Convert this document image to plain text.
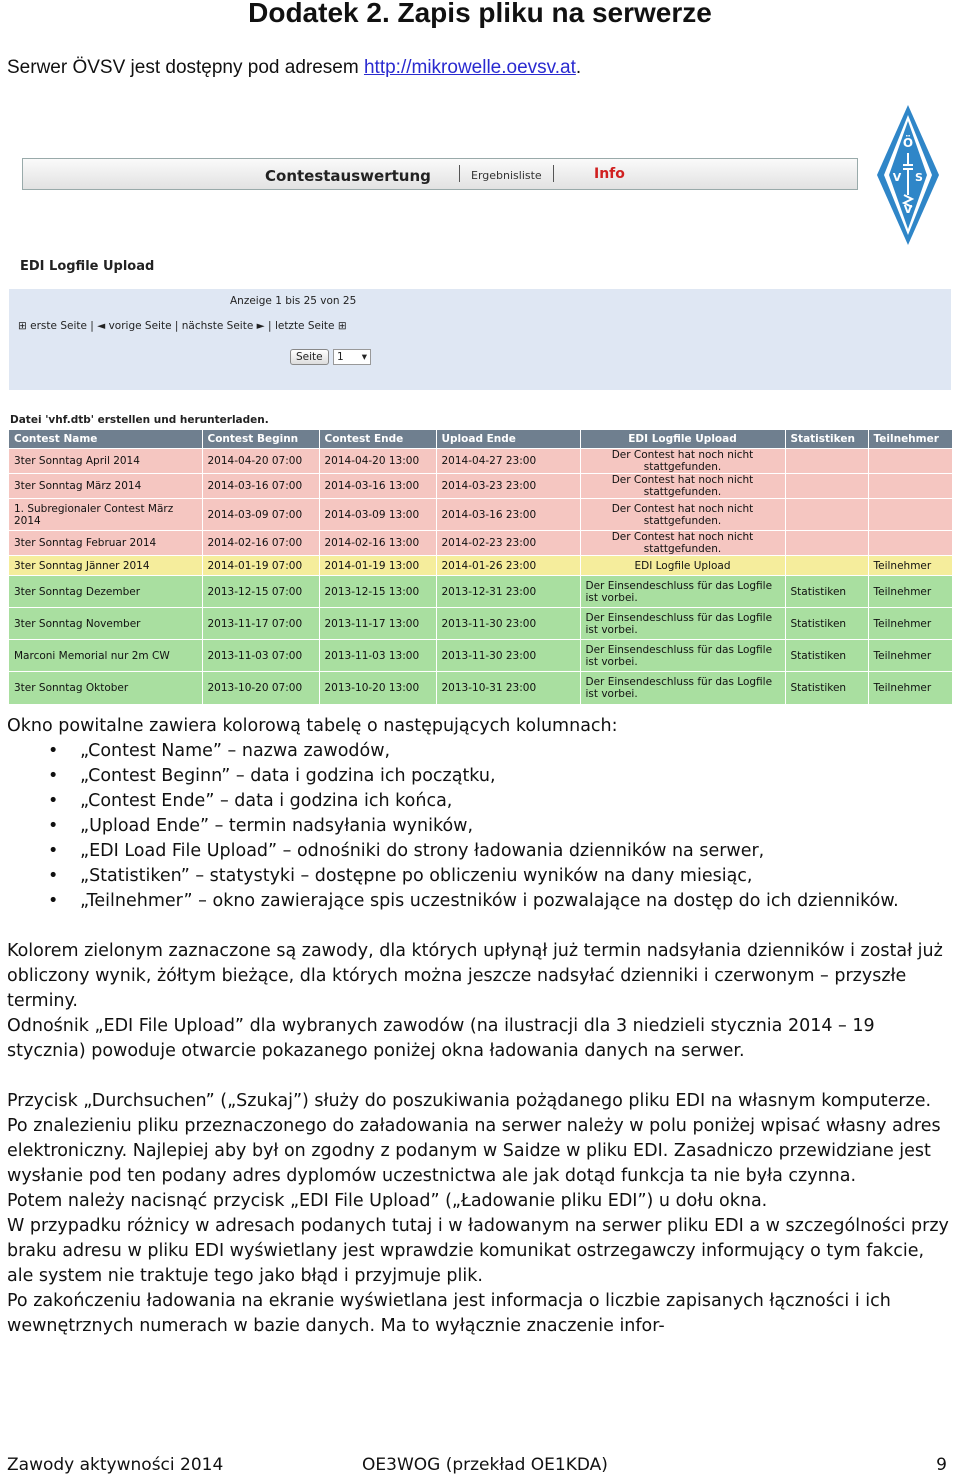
Dodatek 2. Zapis pliku na serwerze
Serwer ÖVSV jest dostępny pod adresem http://mikrowelle.oevsv.at.
Contestauswertung	Ergebnisliste	Info
Ö
V S
V
EDI Logfile Upload
Anzeige 1 bis 25 von 25
⊞ erste Seite | ◄ vorige Seite | nächste Seite ► | letzte Seite ⊞
Seite	1 ▾
Datei 'vhf.dtb' erstellen und herunterladen.
Contest Name	Contest Beginn	Contest Ende	Upload Ende	EDI Logfile Upload	Statistiken	Teilnehmer
3ter Sonntag April 2014	2014-04-20 07:00	2014-04-20 13:00	2014-04-27 23:00	Der Contest hat noch nicht stattgefunden.		
3ter Sonntag März 2014	2014-03-16 07:00	2014-03-16 13:00	2014-03-23 23:00	Der Contest hat noch nicht stattgefunden.		
1. Subregionaler Contest März 2014	2014-03-09 07:00	2014-03-09 13:00	2014-03-16 23:00	Der Contest hat noch nicht stattgefunden.		
3ter Sonntag Februar 2014	2014-02-16 07:00	2014-02-16 13:00	2014-02-23 23:00	Der Contest hat noch nicht stattgefunden.		
3ter Sonntag Jänner 2014	2014-01-19 07:00	2014-01-19 13:00	2014-01-26 23:00	EDI Logfile Upload		Teilnehmer
3ter Sonntag Dezember	2013-12-15 07:00	2013-12-15 13:00	2013-12-31 23:00	Der Einsendeschluss für das Logfile ist vorbei.	Statistiken	Teilnehmer
3ter Sonntag November	2013-11-17 07:00	2013-11-17 13:00	2013-11-30 23:00	Der Einsendeschluss für das Logfile ist vorbei.	Statistiken	Teilnehmer
Marconi Memorial nur 2m CW	2013-11-03 07:00	2013-11-03 13:00	2013-11-30 23:00	Der Einsendeschluss für das Logfile ist vorbei.	Statistiken	Teilnehmer
3ter Sonntag Oktober	2013-10-20 07:00	2013-10-20 13:00	2013-10-31 23:00	Der Einsendeschluss für das Logfile ist vorbei.	Statistiken	Teilnehmer

Okno powitalne zawiera kolorową tabelę o następujących kolumnach:

• „Contest Name” – nazwa zawodów,
• „Contest Beginn” – data i godzina ich początku,
• „Contest Ende” – data i godzina ich końca,
• „Upload Ende” – termin nadsyłania wyników,
• „EDI Load File Upload” – odnośniki do strony ładowania dzienników na serwer,
• „Statistiken” – statystyki – dostępne po obliczeniu wyników na dany miesiąc,
• „Teilnehmer” – okno zawierające spis uczestników i pozwalające na dostęp do ich dzienników.

Kolorem zielonym zaznaczone są zawody, dla których upłynął już termin nadsyłania dzienników i został już obliczony wynik, żółtym bieżące, dla których można jeszcze nadsyłać dzienniki i czerwonym – przyszłe terminy.

Odnośnik „EDI File Upload” dla wybranych zawodów (na ilustracji dla 3 niedzieli stycznia 2014 – 19 stycznia) powoduje otwarcie pokazanego poniżej okna ładowania danych na serwer.

Przycisk „Durchsuchen” („Szukaj”) służy do poszukiwania pożądanego pliku EDI na własnym komputerze. Po znalezieniu pliku przeznaczonego do załadowania na serwer należy w polu poniżej wpisać własny adres elektroniczny. Najlepiej aby był on zgodny z podanym w Saidze w pliku EDI. Zasadniczo przewidziane jest wysłanie pod ten podany adres dyplomów uczestnictwa ale jak dotąd funkcja ta nie była czynna.

Potem należy nacisnąć przycisk „EDI File Upload” („Ładowanie pliku EDI”) u dołu okna.

W przypadku różnicy w adresach podanych tutaj i w ładowanym na serwer pliku EDI a w szczególności przy braku adresu w pliku EDI wyświetlany jest wprawdzie komunikat ostrzegawczy informujący o tym fakcie, ale system nie traktuje tego jako błąd i przyjmuje plik.

Po zakończeniu ładowania na ekranie wyświetlana jest informacja o liczbie zapisanych łączności i ich wewnętrznych numerach w bazie danych. Ma to wyłącznie znaczenie infor-

Zawody aktywności 2014	OE3WOG (przekład OE1KDA)	9
